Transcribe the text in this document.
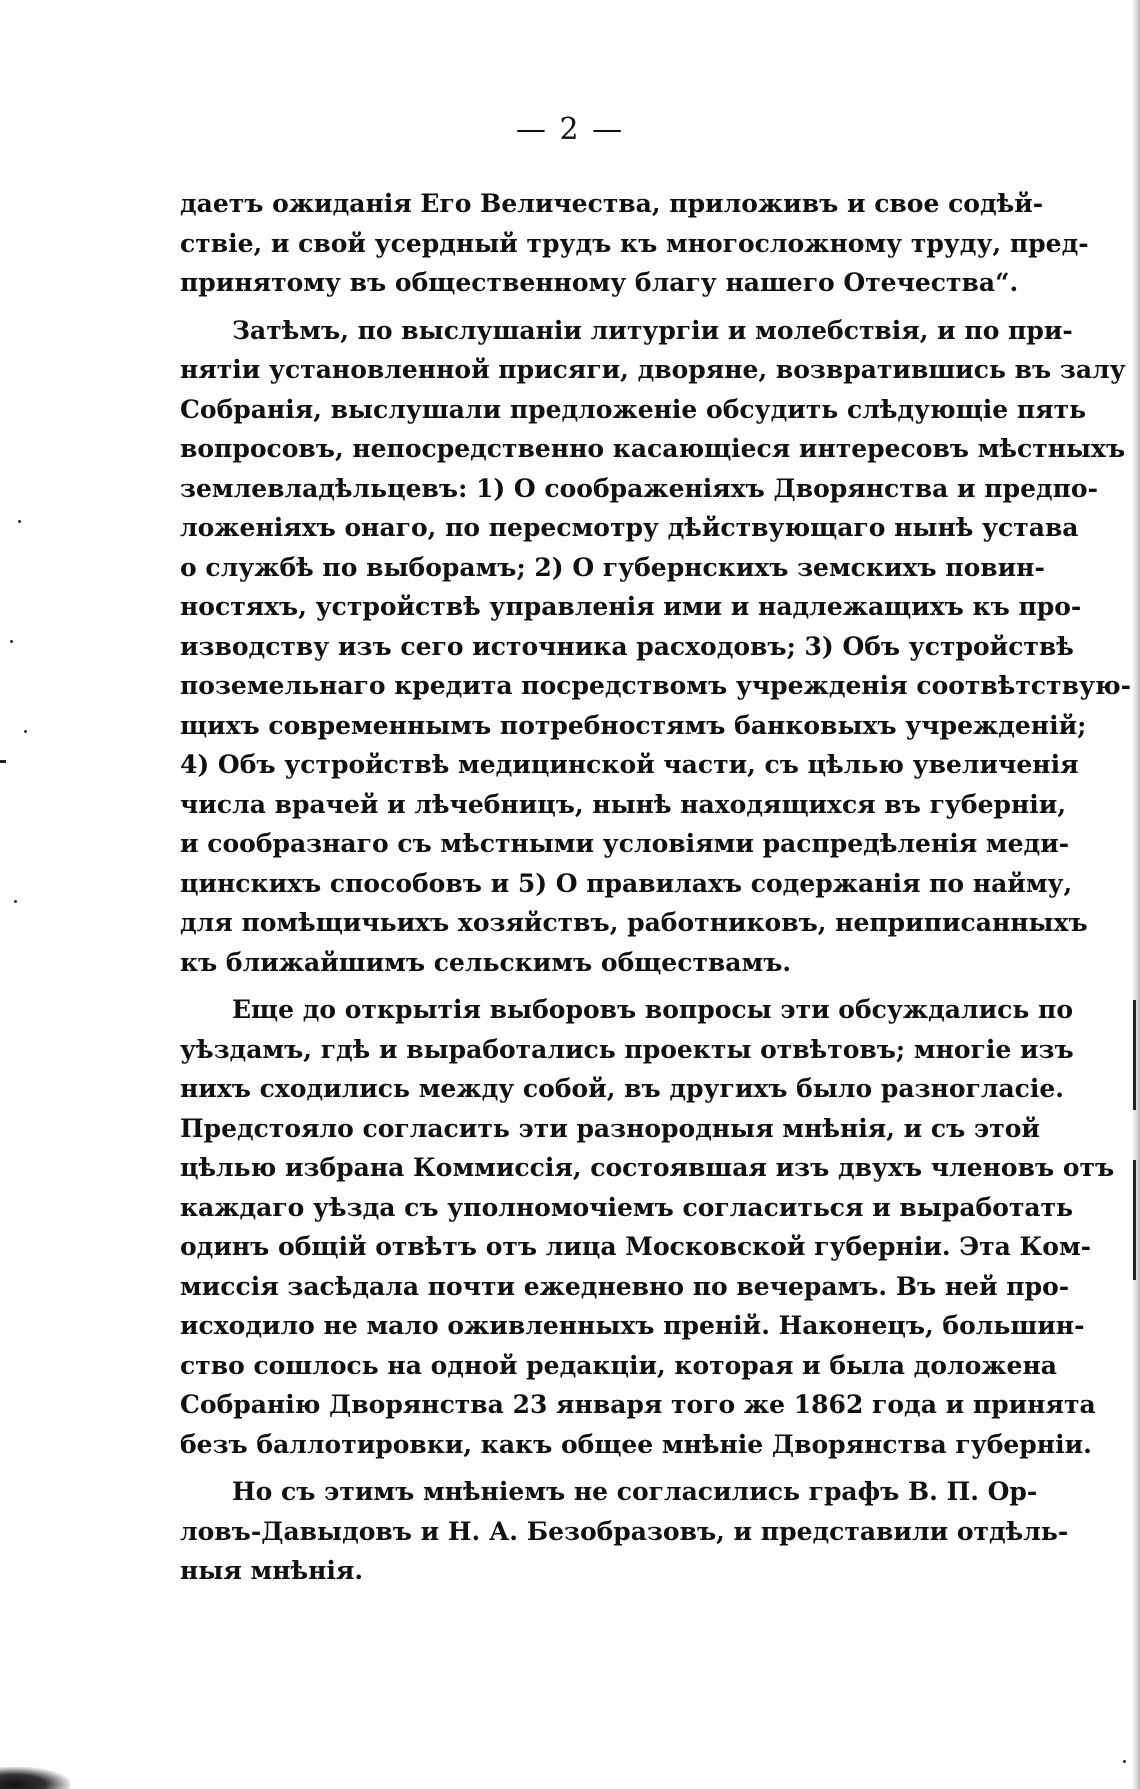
— 2 —
даетъ ожиданія Его Величества, приложивъ и свое содѣй-
ствіе, и свой усердный трудъ къ многосложному труду, пред-
принятому въ общественному благу нашего Отечества“.
Затѣмъ, по выслушаніи литургіи и молебствія, и по при-
нятіи установленной присяги, дворяне, возвратившись въ залу
Собранія, выслушали предложеніе обсудить слѣдующіе пять
вопросовъ, непосредственно касающіеся интересовъ мѣстныхъ
землевладѣльцевъ: 1) О соображеніяхъ Дворянства и предпо-
ложеніяхъ онаго, по пересмотру дѣйствующаго нынѣ устава
о службѣ по выборамъ; 2) О губернскихъ земскихъ повин-
ностяхъ, устройствѣ управленія ими и надлежащихъ къ про-
изводству изъ сего источника расходовъ; 3) Объ устройствѣ
поземельнаго кредита посредствомъ учрежденія соотвѣтствую-
щихъ современнымъ потребностямъ банковыхъ учрежденій;
4) Объ устройствѣ медицинской части, съ цѣлью увеличенія
числа врачей и лѣчебницъ, нынѣ находящихся въ губерніи,
и сообразнаго съ мѣстными условіями распредѣленія меди-
цинскихъ способовъ и 5) О правилахъ содержанія по найму,
для помѣщичьихъ хозяйствъ, работниковъ, неприписанныхъ
къ ближайшимъ сельскимъ обществамъ.
Еще до открытія выборовъ вопросы эти обсуждались по
уѣздамъ, гдѣ и выработались проекты отвѣтовъ; многіе изъ
нихъ сходились между собой, въ другихъ было разногласіе.
Предстояло согласить эти разнородныя мнѣнія, и съ этой
цѣлью избрана Коммиссія, состоявшая изъ двухъ членовъ отъ
каждаго уѣзда съ уполномочіемъ согласиться и выработать
одинъ общій отвѣтъ отъ лица Московской губерніи. Эта Ком-
миссія засѣдала почти ежедневно по вечерамъ. Въ ней про-
исходило не мало оживленныхъ преній. Наконецъ, большин-
ство сошлось на одной редакціи, которая и была доложена
Собранію Дворянства 23 января того же 1862 года и принята
безъ баллотировки, какъ общее мнѣніе Дворянства губерніи.
Но съ этимъ мнѣніемъ не согласились графъ В. П. Ор-
ловъ-Давыдовъ и Н. А. Безобразовъ, и представили отдѣль-
ныя мнѣнія.
